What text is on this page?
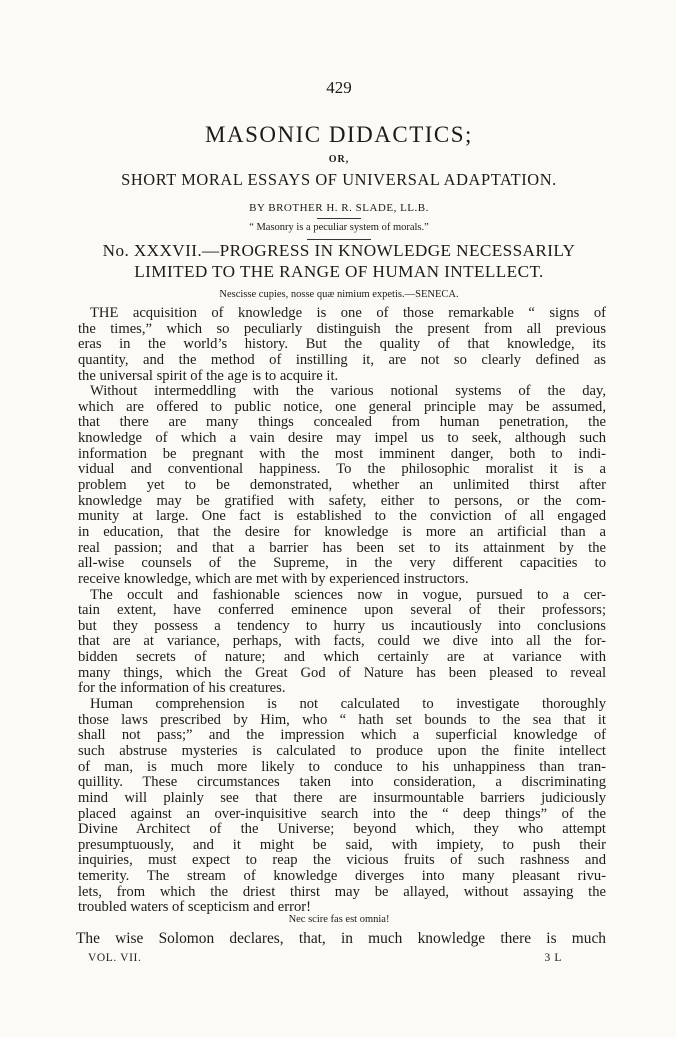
429
MASONIC DIDACTICS;
OR,
SHORT MORAL ESSAYS OF UNIVERSAL ADAPTATION.
BY BROTHER H. R. SLADE, LL.B.
“ Masonry is a peculiar system of morals.”
No. XXXVII.—PROGRESS IN KNOWLEDGE NECESSARILY
LIMITED TO THE RANGE OF HUMAN INTELLECT.
Nescisse cupies, nosse quæ nimium expetis.—SENECA.
THE acquisition of knowledge is one of those remarkable “ signs of
the times,” which so peculiarly distinguish the present from all previous
eras in the world’s history. But the quality of that knowledge, its
quantity, and the method of instilling it, are not so clearly defined as
the universal spirit of the age is to acquire it.
Without intermeddling with the various notional systems of the day,
which are offered to public notice, one general principle may be assumed,
that there are many things concealed from human penetration, the
knowledge of which a vain desire may impel us to seek, although such
information be pregnant with the most imminent danger, both to indi-
vidual and conventional happiness. To the philosophic moralist it is a
problem yet to be demonstrated, whether an unlimited thirst after
knowledge may be gratified with safety, either to persons, or the com-
munity at large. One fact is established to the conviction of all engaged
in education, that the desire for knowledge is more an artificial than a
real passion; and that a barrier has been set to its attainment by the
all-wise counsels of the Supreme, in the very different capacities to
receive knowledge, which are met with by experienced instructors.
The occult and fashionable sciences now in vogue, pursued to a cer-
tain extent, have conferred eminence upon several of their professors;
but they possess a tendency to hurry us incautiously into conclusions
that are at variance, perhaps, with facts, could we dive into all the for-
bidden secrets of nature; and which certainly are at variance with
many things, which the Great God of Nature has been pleased to reveal
for the information of his creatures.
Human comprehension is not calculated to investigate thoroughly
those laws prescribed by Him, who “ hath set bounds to the sea that it
shall not pass;” and the impression which a superficial knowledge of
such abstruse mysteries is calculated to produce upon the finite intellect
of man, is much more likely to conduce to his unhappiness than tran-
quillity. These circumstances taken into consideration, a discriminating
mind will plainly see that there are insurmountable barriers judiciously
placed against an over-inquisitive search into the “ deep things” of the
Divine Architect of the Universe; beyond which, they who attempt
presumptuously, and it might be said, with impiety, to push their
inquiries, must expect to reap the vicious fruits of such rashness and
temerity. The stream of knowledge diverges into many pleasant rivu-
lets, from which the driest thirst may be allayed, without assaying the
troubled waters of scepticism and error!
Nec scire fas est omnia!
The wise Solomon declares, that, in much knowledge there is much
VOL. VII.	3 L
